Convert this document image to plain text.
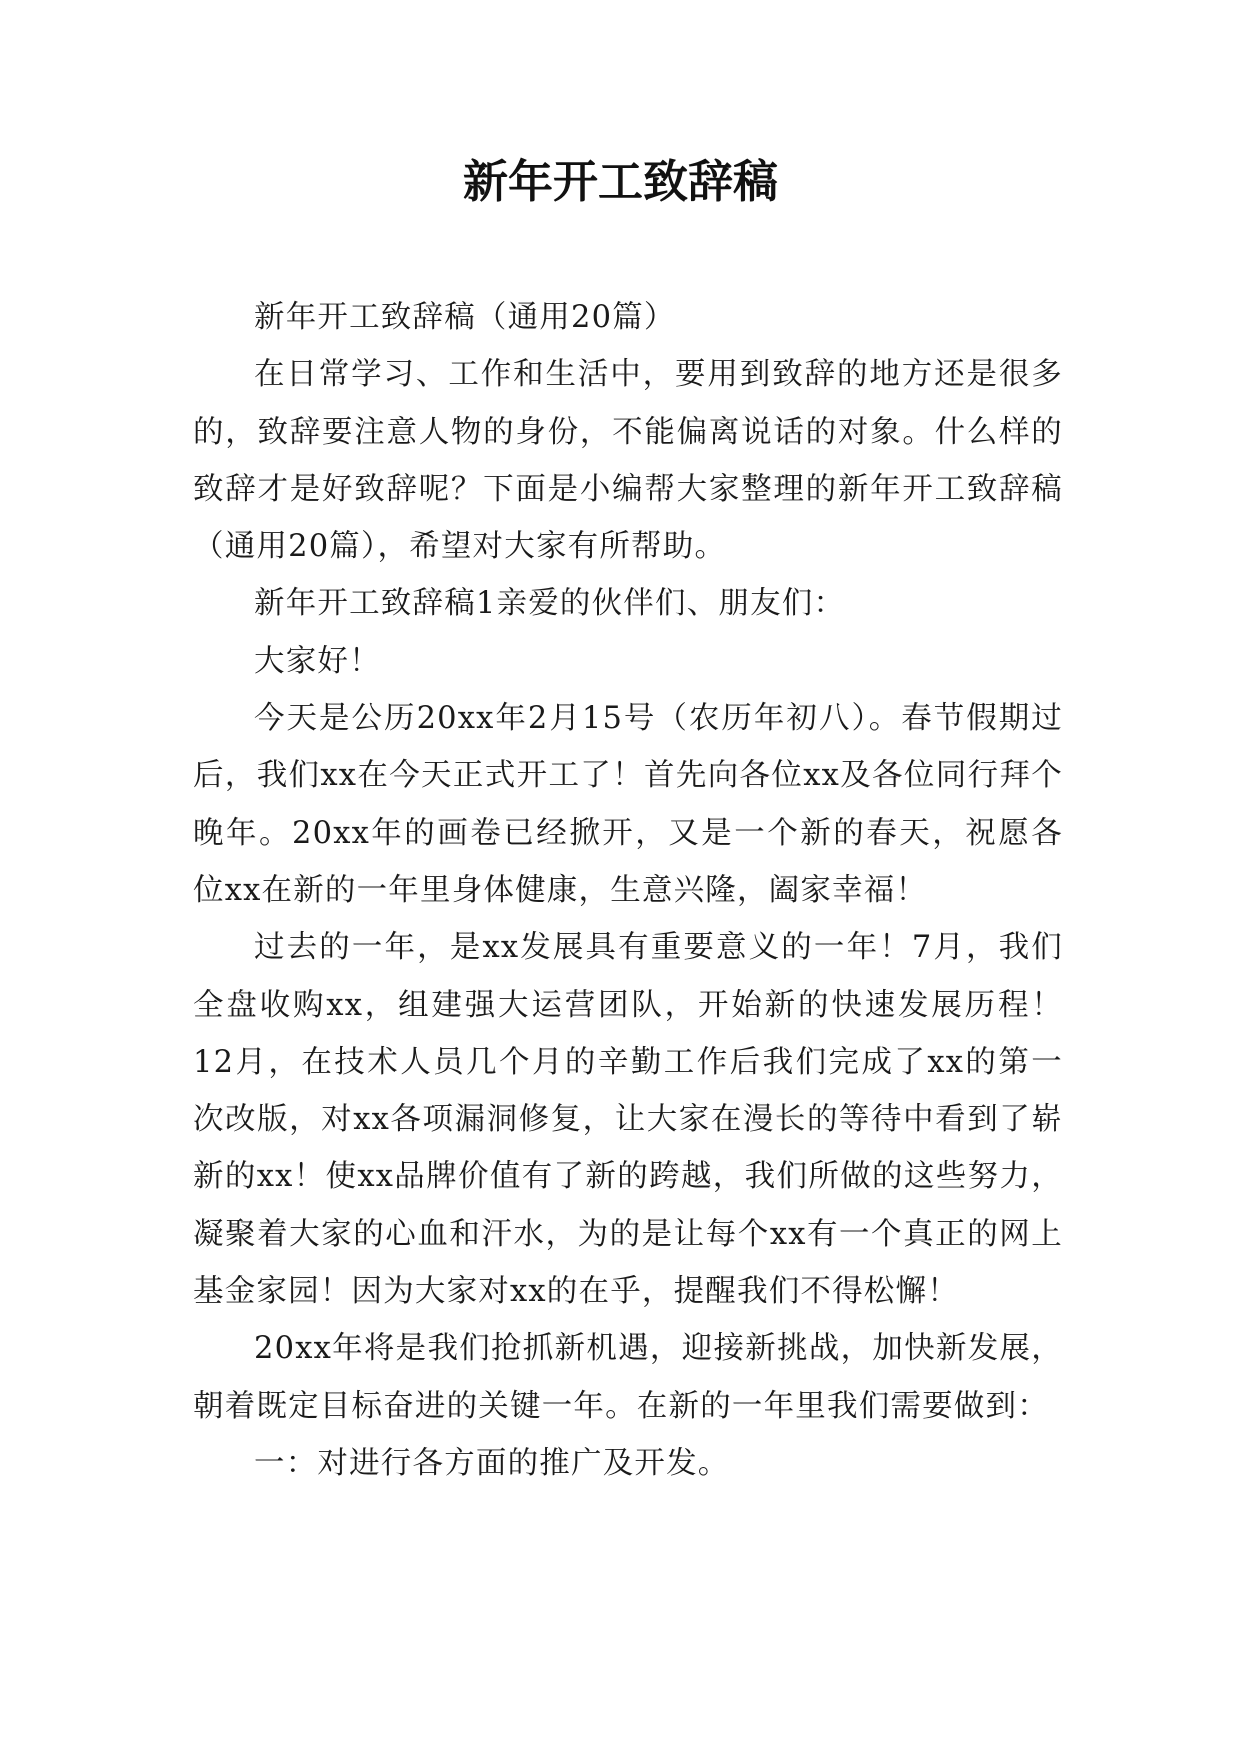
新年开工致辞稿

新年开工致辞稿（通用20篇）

在日常学习、工作和生活中，要用到致辞的地方还是很多的，致辞要注意人物的身份，不能偏离说话的对象。什么样的致辞才是好致辞呢？下面是小编帮大家整理的新年开工致辞稿（通用20篇），希望对大家有所帮助。

新年开工致辞稿1亲爱的伙伴们、朋友们：

大家好！

今天是公历20xx年2月15号（农历年初八）。春节假期过后，我们xx在今天正式开工了！首先向各位xx及各位同行拜个晚年。20xx年的画卷已经掀开，又是一个新的春天，祝愿各位xx在新的一年里身体健康，生意兴隆，阖家幸福！

过去的一年，是xx发展具有重要意义的一年！7月，我们全盘收购xx，组建强大运营团队，开始新的快速发展历程！12月，在技术人员几个月的辛勤工作后我们完成了xx的第一次改版，对xx各项漏洞修复，让大家在漫长的等待中看到了崭新的xx！使xx品牌价值有了新的跨越，我们所做的这些努力，凝聚着大家的心血和汗水，为的是让每个xx有一个真正的网上基金家园！因为大家对xx的在乎，提醒我们不得松懈！

20xx年将是我们抢抓新机遇，迎接新挑战，加快新发展，朝着既定目标奋进的关键一年。在新的一年里我们需要做到：

一：对进行各方面的推广及开发。
